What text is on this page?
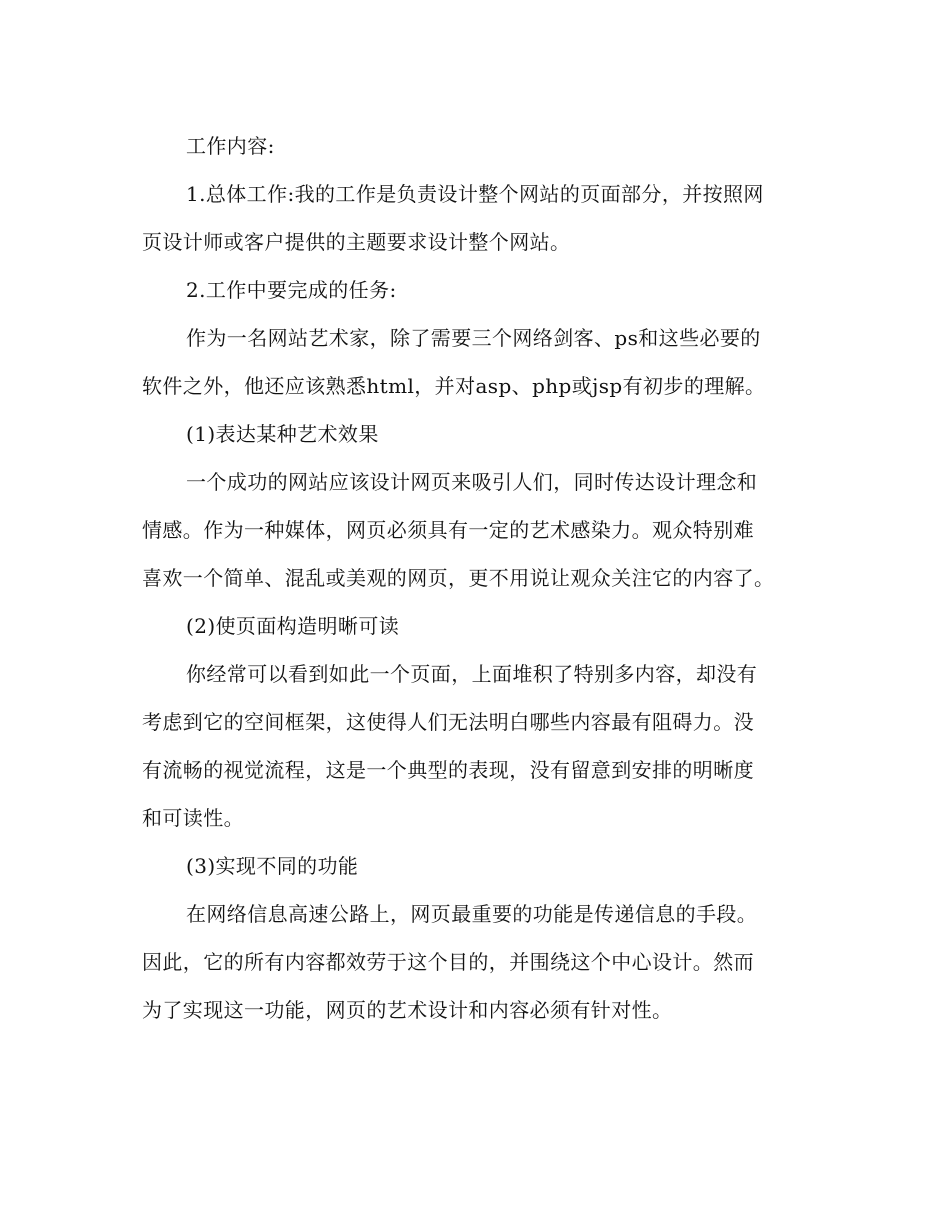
工作内容:
1.总体工作:我的工作是负责设计整个网站的页面部分，并按照网
页设计师或客户提供的主题要求设计整个网站。
2.工作中要完成的任务:
作为一名网站艺术家，除了需要三个网络剑客、ps和这些必要的
软件之外，他还应该熟悉html，并对asp、php或jsp有初步的理解。
(1)表达某种艺术效果
一个成功的网站应该设计网页来吸引人们，同时传达设计理念和
情感。作为一种媒体，网页必须具有一定的艺术感染力。观众特别难
喜欢一个简单、混乱或美观的网页，更不用说让观众关注它的内容了。
(2)使页面构造明晰可读
你经常可以看到如此一个页面，上面堆积了特别多内容，却没有
考虑到它的空间框架，这使得人们无法明白哪些内容最有阻碍力。没
有流畅的视觉流程，这是一个典型的表现，没有留意到安排的明晰度
和可读性。
(3)实现不同的功能
在网络信息高速公路上，网页最重要的功能是传递信息的手段。
因此，它的所有内容都效劳于这个目的，并围绕这个中心设计。然而
为了实现这一功能，网页的艺术设计和内容必须有针对性。
